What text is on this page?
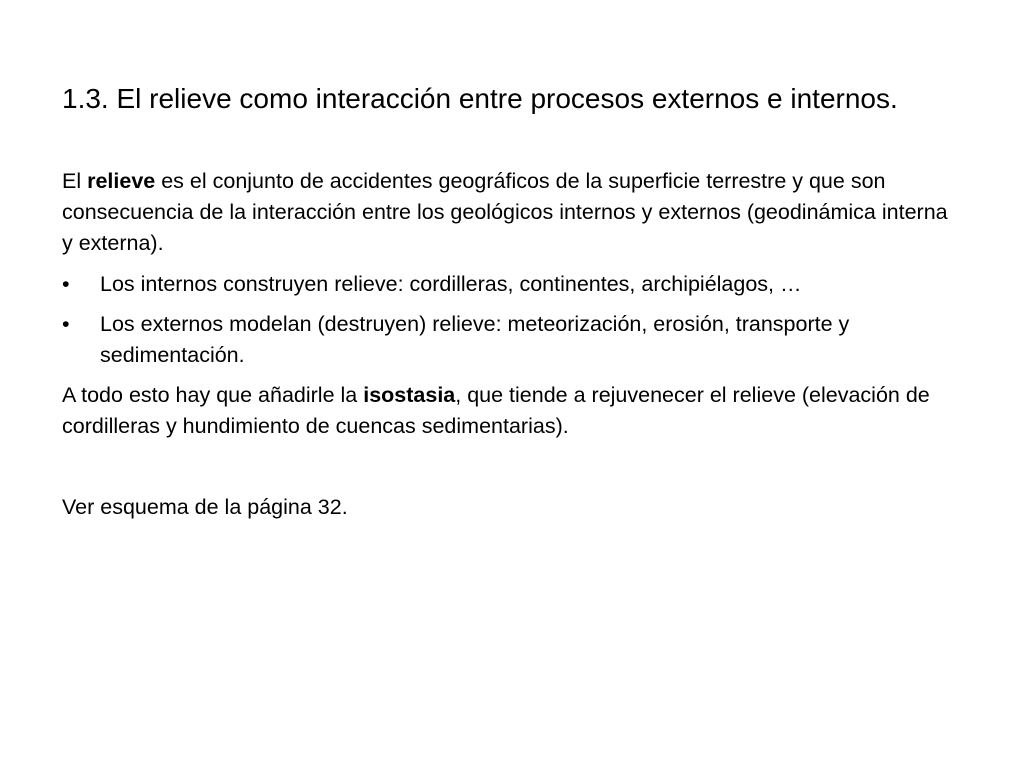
1.3. El relieve como interacción entre procesos externos e internos.

El relieve es el conjunto de accidentes geográficos de la superficie terrestre y que son consecuencia de la interacción entre los geológicos internos y externos (geodinámica interna y externa).

•	Los internos construyen relieve: cordilleras, continentes, archipiélagos, …
•	Los externos modelan (destruyen) relieve: meteorización, erosión, transporte y sedimentación.

A todo esto hay que añadirle la isostasia, que tiende a rejuvenecer el relieve (elevación de cordilleras y hundimiento de cuencas sedimentarias).

Ver esquema de la página 32.
